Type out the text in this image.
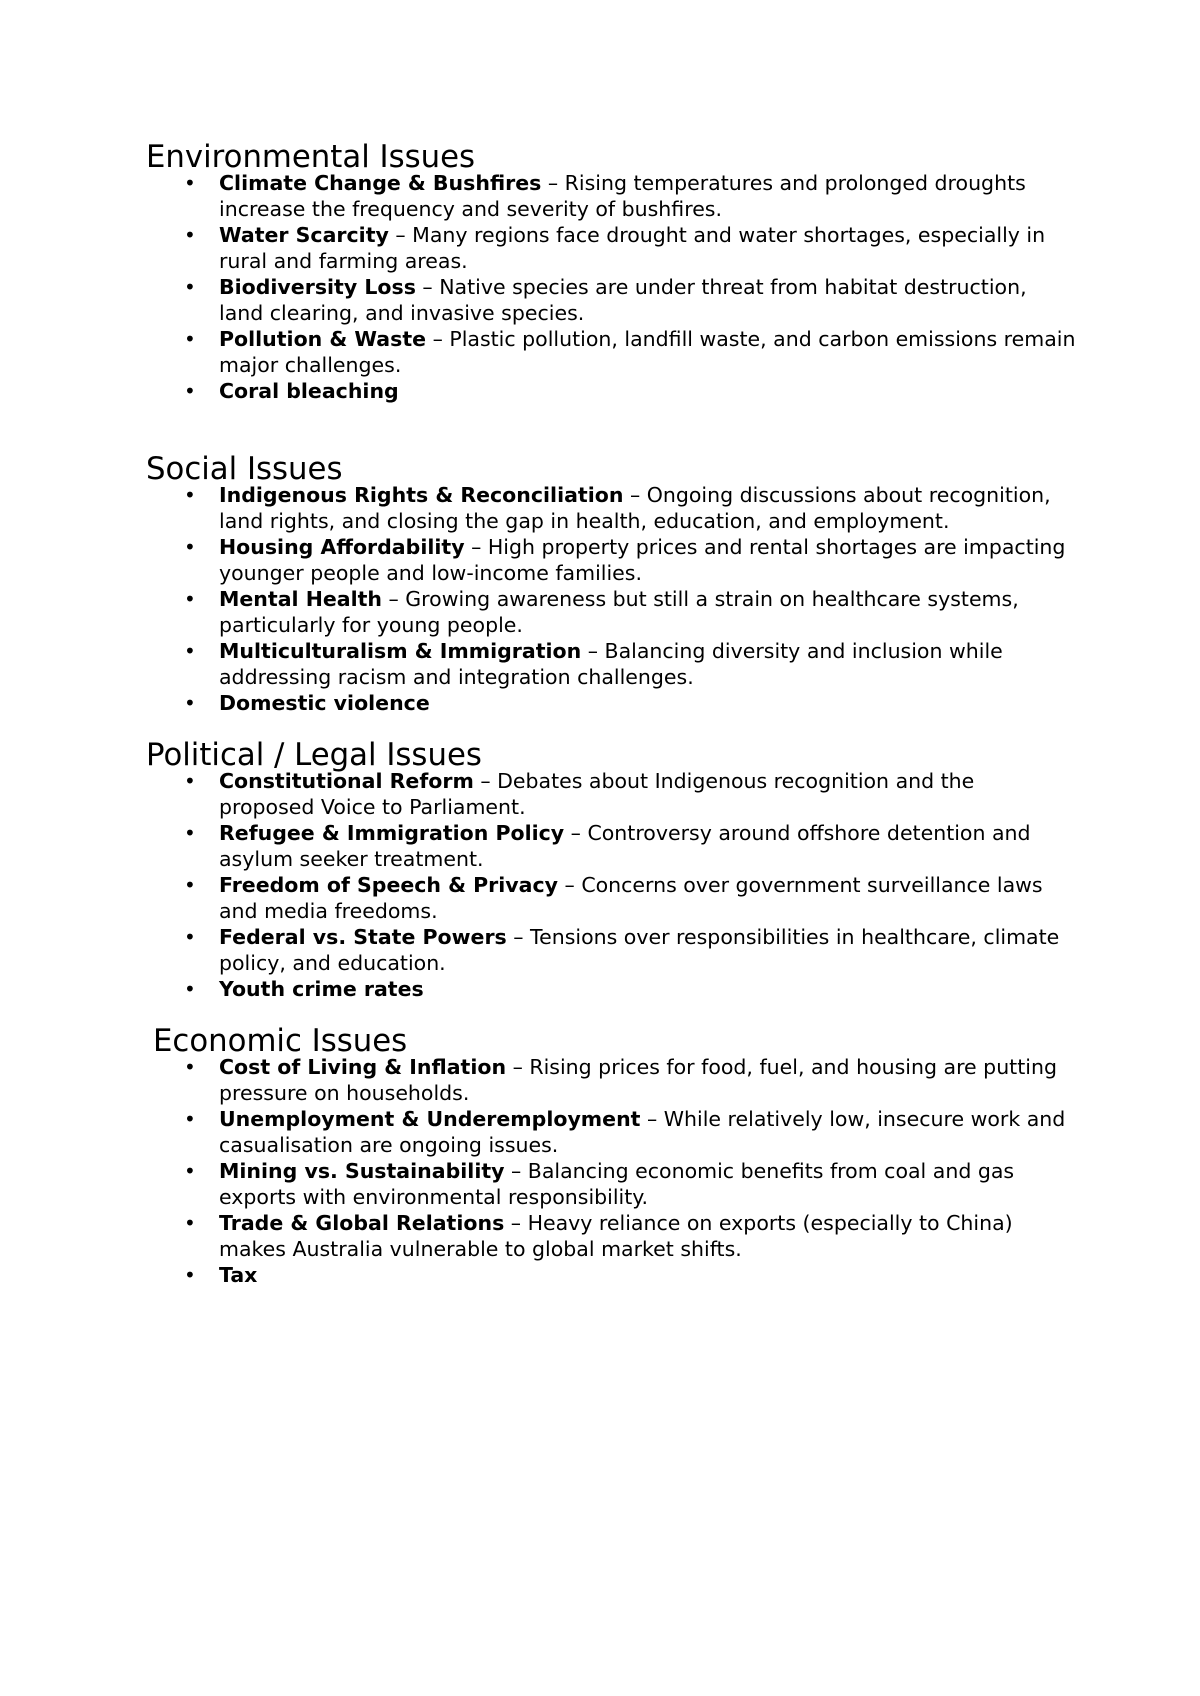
Environmental Issues
•	Climate Change & Bushfires – Rising temperatures and prolonged droughts increase the frequency and severity of bushfires.
•	Water Scarcity – Many regions face drought and water shortages, especially in rural and farming areas.
•	Biodiversity Loss – Native species are under threat from habitat destruction, land clearing, and invasive species.
•	Pollution & Waste – Plastic pollution, landfill waste, and carbon emissions remain major challenges.
•	Coral bleaching
Social Issues
•	Indigenous Rights & Reconciliation – Ongoing discussions about recognition, land rights, and closing the gap in health, education, and employment.
•	Housing Affordability – High property prices and rental shortages are impacting younger people and low-income families.
•	Mental Health – Growing awareness but still a strain on healthcare systems, particularly for young people.
•	Multiculturalism & Immigration – Balancing diversity and inclusion while addressing racism and integration challenges.
•	Domestic violence
Political / Legal Issues
•	Constitutional Reform – Debates about Indigenous recognition and the proposed Voice to Parliament.
•	Refugee & Immigration Policy – Controversy around offshore detention and asylum seeker treatment.
•	Freedom of Speech & Privacy – Concerns over government surveillance laws and media freedoms.
•	Federal vs. State Powers – Tensions over responsibilities in healthcare, climate policy, and education.
•	Youth crime rates
Economic Issues
•	Cost of Living & Inflation – Rising prices for food, fuel, and housing are putting pressure on households.
•	Unemployment & Underemployment – While relatively low, insecure work and casualisation are ongoing issues.
•	Mining vs. Sustainability – Balancing economic benefits from coal and gas exports with environmental responsibility.
•	Trade & Global Relations – Heavy reliance on exports (especially to China) makes Australia vulnerable to global market shifts.
•	Tax
